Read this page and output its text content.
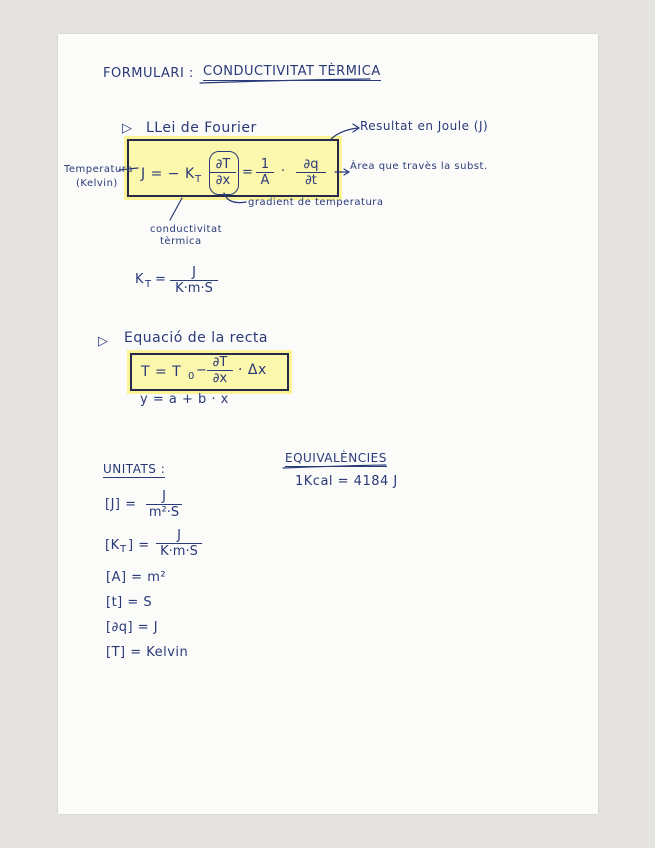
FORMULARI : CONDUCTIVITAT TÈRMICA
▷ LLei de Fourier	Resultat en Joule (J)
Temperatura
(Kelvin)
J = − K T $\frac{\partial T}{\partial x} = \frac{1}{A} \cdot \frac{\partial q}{\partial t}$ Àrea que travès la subst.
gradient de temperatura
conductivitat
tèrmica
K $T = \frac{J}{K\cdot m\cdot S}$
▷ Equació de la recta
T = T $0 - \frac{\partial T}{\partial x} \cdot \Delta x$
y = a + b · x
UNITATS :
$[J] = \frac{J}{\text{m²·S}}$
[K T ] = $\frac{J}{K\cdot m\cdot S}$
[A] = m²
[t] = S
[∂q] = J
[T] = Kelvin
EQUIVALÈNCIES
1Kcal = 4184 J
